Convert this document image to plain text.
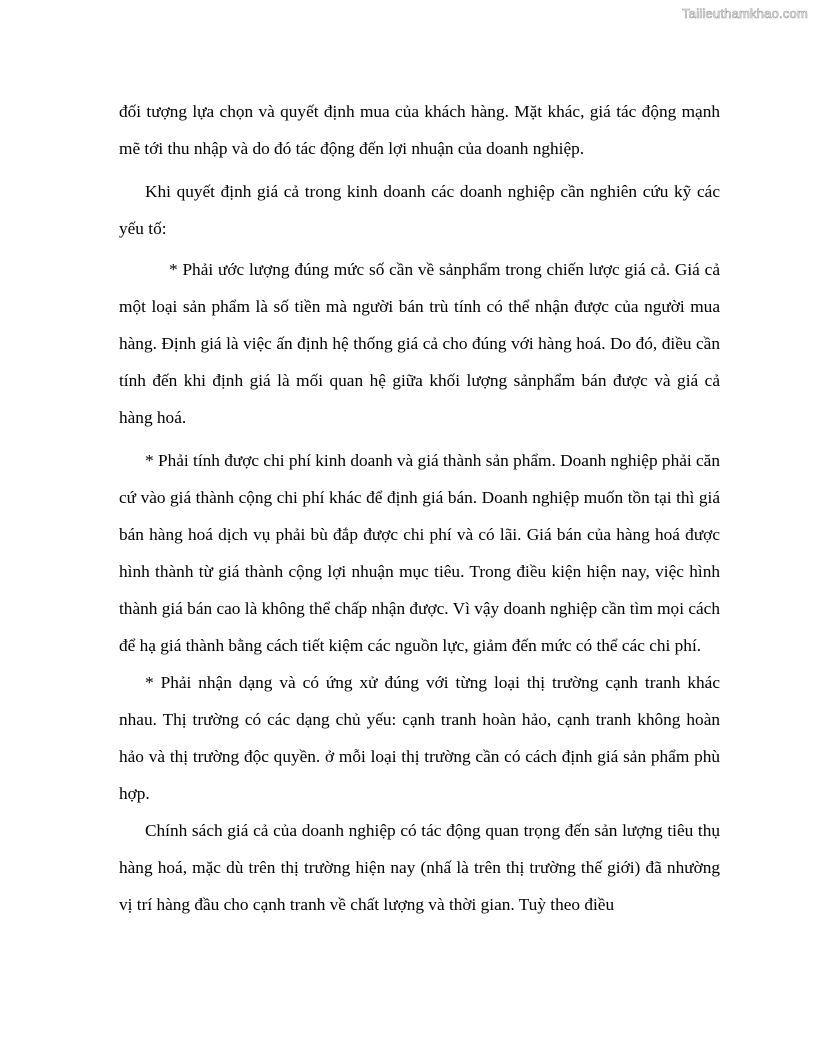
Tailieuthamkhao.com

đối tượng lựa chọn và quyết định mua của khách hàng. Mặt khác, giá tác động mạnh mẽ tới thu nhập và do đó tác động đến lợi nhuận của doanh nghiệp.

Khi quyết định giá cả trong kinh doanh các doanh nghiệp cần nghiên cứu kỹ các yếu tố:

* Phải ước lượng đúng mức số cần về sảnphẩm trong chiến lược giá cả. Giá cả một loại sản phẩm là số tiền mà người bán trù tính có thể nhận được của người mua hàng. Định giá là việc ấn định hệ thống giá cả cho đúng với hàng hoá. Do đó, điều cần tính đến khi định giá là mối quan hệ giữa khối lượng sảnphẩm bán được và giá cả hàng hoá.

* Phải tính được chi phí kinh doanh và giá thành sản phẩm. Doanh nghiệp phải căn cứ vào giá thành cộng chi phí khác để định giá bán. Doanh nghiệp muốn tồn tại thì giá bán hàng hoá dịch vụ phải bù đắp được chi phí và có lãi. Giá bán của hàng hoá được hình thành từ giá thành cộng lợi nhuận mục tiêu. Trong điều kiện hiện nay, việc hình thành giá bán cao là không thể chấp nhận được. Vì vậy doanh nghiệp cần tìm mọi cách để hạ giá thành bằng cách tiết kiệm các nguồn lực, giảm đến mức có thể các chi phí.

* Phải nhận dạng và có ứng xử đúng với từng loại thị trường cạnh tranh khác nhau. Thị trường có các dạng chủ yếu: cạnh tranh hoàn hảo, cạnh tranh không hoàn hảo và thị trường độc quyền. ở mỗi loại thị trường cần có cách định giá sản phẩm phù hợp.

Chính sách giá cả của doanh nghiệp có tác động quan trọng đến sản lượng tiêu thụ hàng hoá, mặc dù trên thị trường hiện nay (nhấ là trên thị trường thế giới) đã nhường vị trí hàng đầu cho cạnh tranh về chất lượng và thời gian. Tuỳ theo điều
